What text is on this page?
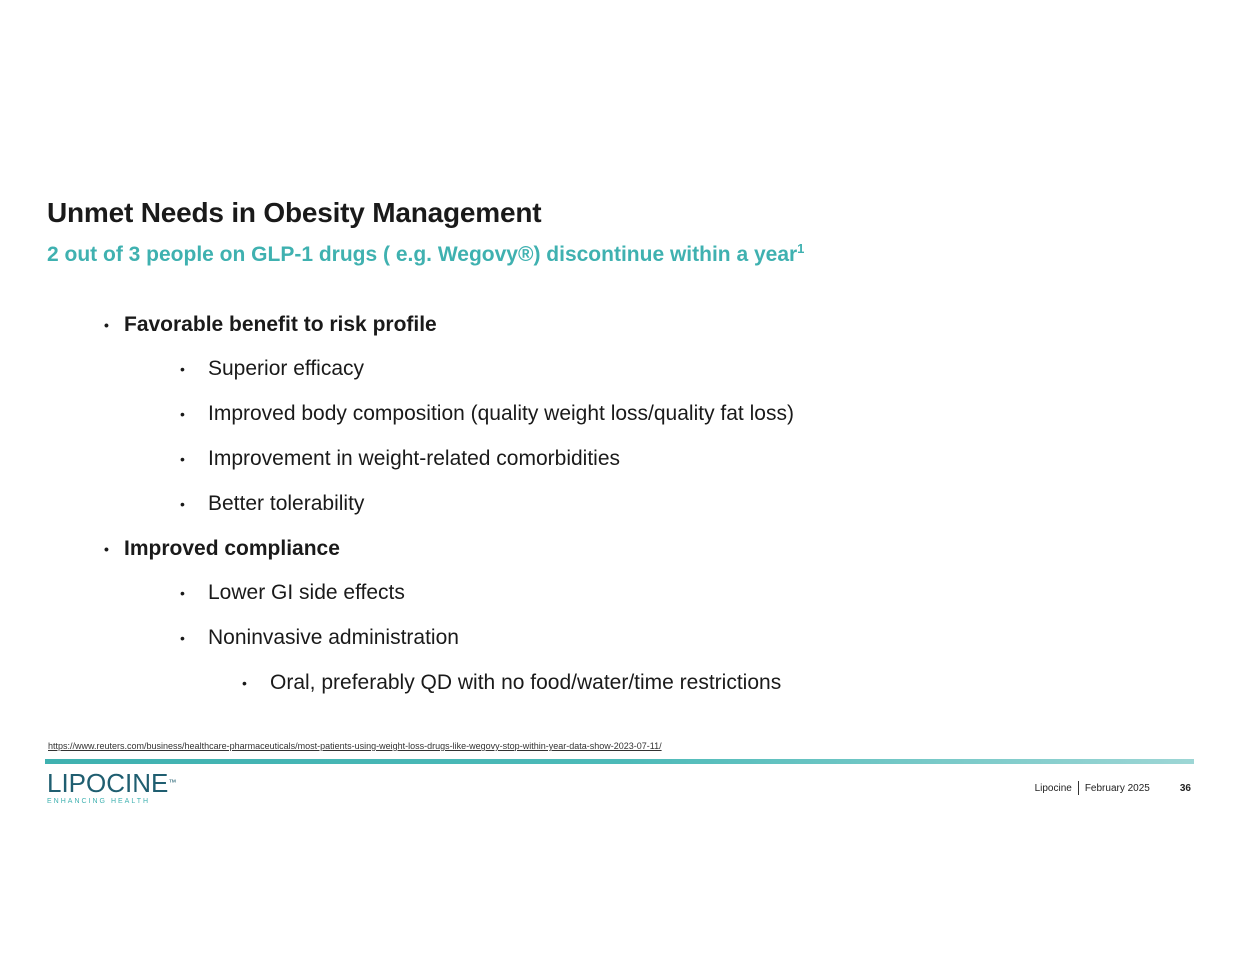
Unmet Needs in Obesity Management
2 out of 3 people on GLP-1 drugs ( e.g. Wegovy®) discontinue within a year$^1$
• Favorable benefit to risk profile
•	Superior efficacy
•	Improved body composition (quality weight loss/quality fat loss)
•	Improvement in weight-related comorbidities
•	Better tolerability
• Improved compliance
•	Lower GI side effects
•	Noninvasive administration
•	Oral, preferably QD with no food/water/time restrictions
https://www.reuters.com/business/healthcare-pharmaceuticals/most-patients-using-weight-loss-drugs-like-wegovy-stop-within-year-data-show-2023-07-11/
LIPOCINE™
ENHANCING HEALTH
Lipocine February 2025	36
